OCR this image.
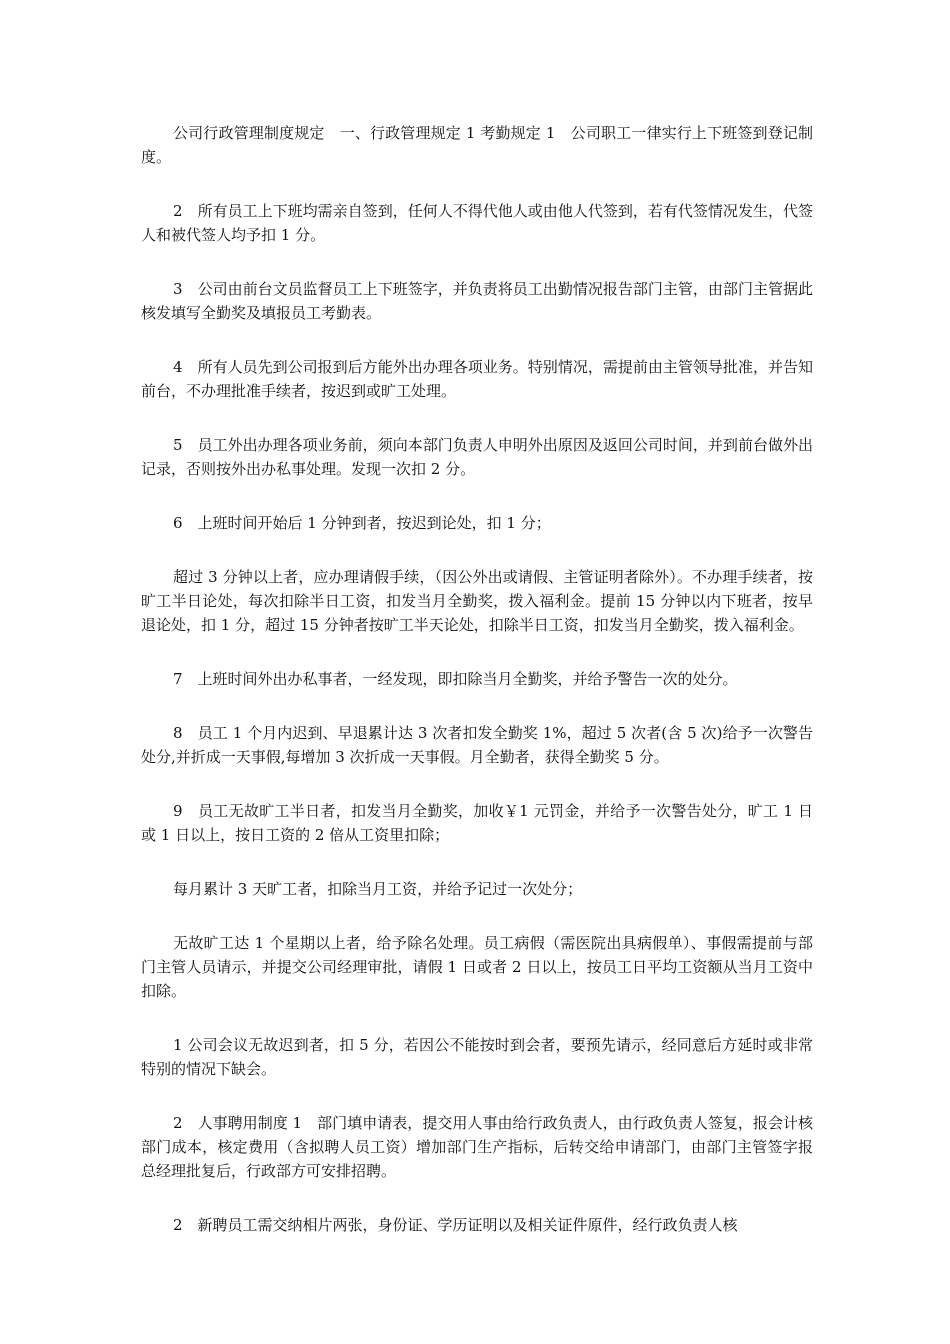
公司行政管理制度规定　一、行政管理规定 1 考勤规定 1　公司职工一律实行上下班签到登记制度。

2　所有员工上下班均需亲自签到，任何人不得代他人或由他人代签到，若有代签情况发生，代签人和被代签人均予扣 1 分。

3　公司由前台文员监督员工上下班签字，并负责将员工出勤情况报告部门主管，由部门主管据此核发填写全勤奖及填报员工考勤表。

4　所有人员先到公司报到后方能外出办理各项业务。特别情况，需提前由主管领导批准，并告知前台，不办理批准手续者，按迟到或旷工处理。

5　员工外出办理各项业务前，须向本部门负责人申明外出原因及返回公司时间，并到前台做外出记录，否则按外出办私事处理。发现一次扣 2 分。

6　上班时间开始后 1 分钟到者，按迟到论处，扣 1 分；

超过 3 分钟以上者，应办理请假手续，（因公外出或请假、主管证明者除外）。不办理手续者，按旷工半日论处，每次扣除半日工资，扣发当月全勤奖，拨入福利金。提前 15 分钟以内下班者，按早退论处，扣 1 分，超过 15 分钟者按旷工半天论处，扣除半日工资，扣发当月全勤奖，拨入福利金。

7　上班时间外出办私事者，一经发现，即扣除当月全勤奖，并给予警告一次的处分。

8　员工 1 个月内迟到、早退累计达 3 次者扣发全勤奖 1%，超过 5 次者(含 5 次)给予一次警告处分,并折成一天事假,每增加 3 次折成一天事假。月全勤者，获得全勤奖 5 分。

9　员工无故旷工半日者，扣发当月全勤奖，加收￥1 元罚金，并给予一次警告处分，旷工 1 日或 1 日以上，按日工资的 2 倍从工资里扣除；

每月累计 3 天旷工者，扣除当月工资，并给予记过一次处分；

无故旷工达 1 个星期以上者，给予除名处理。员工病假（需医院出具病假单）、事假需提前与部门主管人员请示，并提交公司经理审批，请假 1 日或者 2 日以上，按员工日平均工资额从当月工资中扣除。

1 公司会议无故迟到者，扣 5 分，若因公不能按时到会者，要预先请示，经同意后方延时或非常特别的情况下缺会。

2　人事聘用制度 1　部门填申请表，提交用人事由给行政负责人，由行政负责人签复，报会计核部门成本，核定费用（含拟聘人员工资）增加部门生产指标，后转交给申请部门，由部门主管签字报总经理批复后，行政部方可安排招聘。

2　新聘员工需交纳相片两张，身份证、学历证明以及相关证件原件，经行政负责人核
